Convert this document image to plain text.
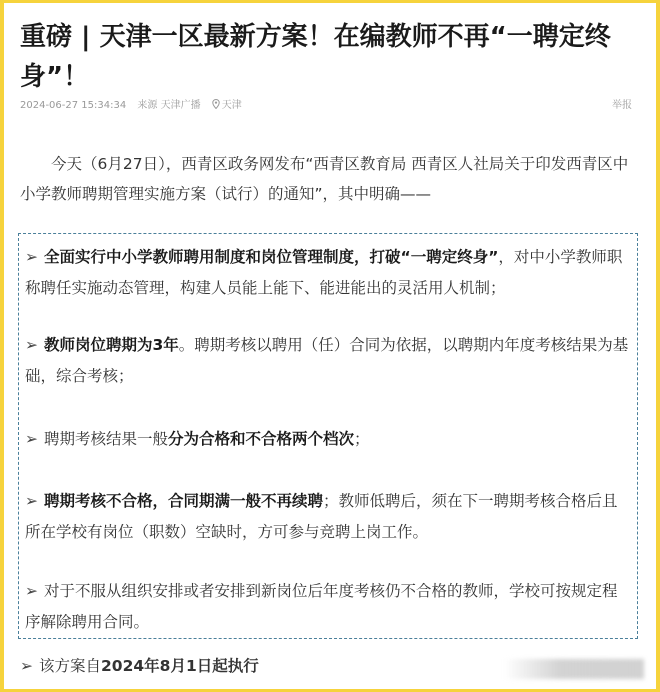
重磅 | 天津一区最新方案！在编教师不再“一聘定终身”！
2024-06-27 15:34:34 来源 天津广播 天津	举报

今天（6月27日），西青区政务网发布“西青区教育局 西青区人社局关于印发西青区中小学教师聘期管理实施方案（试行）的通知”，其中明确——

➢ 全面实行中小学教师聘用制度和岗位管理制度，打破“一聘定终身”，对中小学教师职称聘任实施动态管理，构建人员能上能下、能进能出的灵活用人机制；

➢ 教师岗位聘期为3年。聘期考核以聘用（任）合同为依据，以聘期内年度考核结果为基础，综合考核；

➢ 聘期考核结果一般分为合格和不合格两个档次；

➢ 聘期考核不合格，合同期满一般不再续聘；教师低聘后，须在下一聘期考核合格后且所在学校有岗位（职数）空缺时，方可参与竞聘上岗工作。

➢ 对于不服从组织安排或者安排到新岗位后年度考核仍不合格的教师，学校可按规定程序解除聘用合同。

➢ 该方案自2024年8月1日起执行
